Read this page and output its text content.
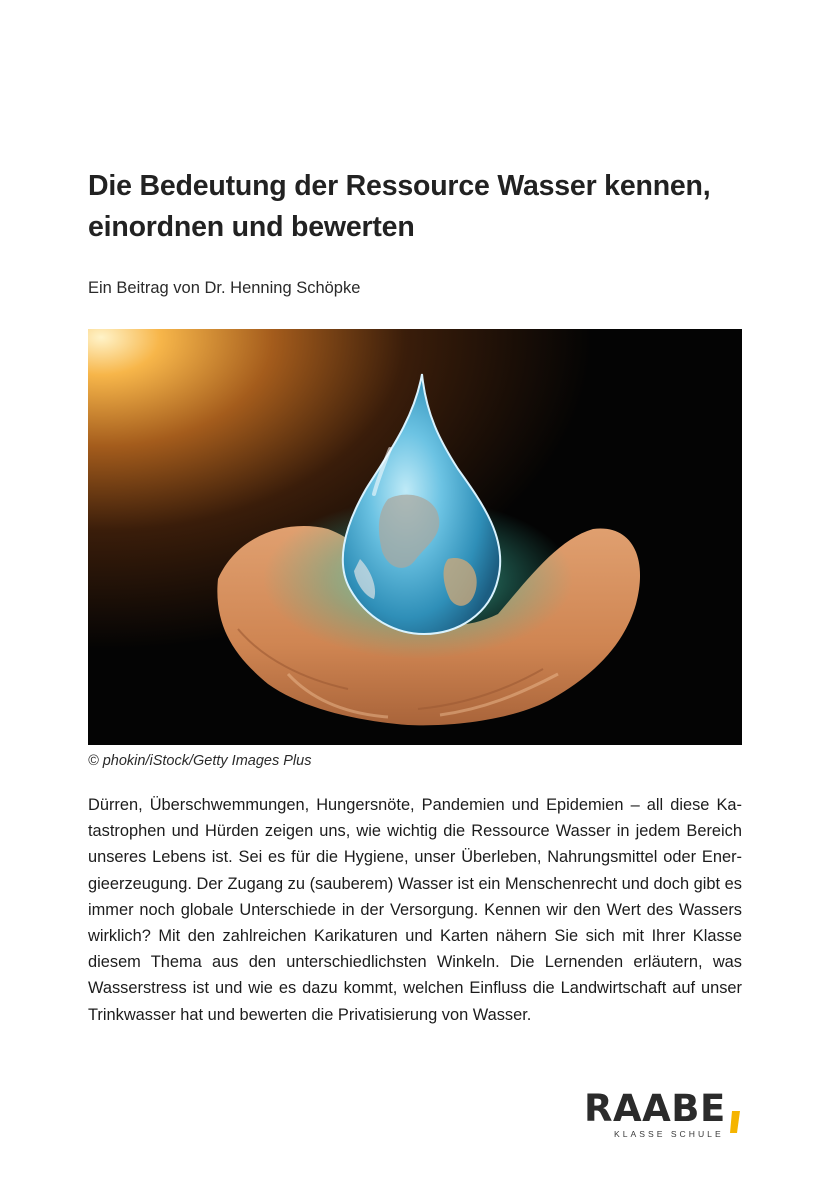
Die Bedeutung der Ressource Wasser kennen, einordnen und bewerten
Ein Beitrag von Dr. Henning Schöpke
© phokin/iStock/Getty Images Plus

Dürren, Überschwemmungen, Hungersnöte, Pandemien und Epidemien – all diese Katastrophen und Hürden zeigen uns, wie wichtig die Ressource Wasser in jedem Bereich unseres Lebens ist. Sei es für die Hygiene, unser Überleben, Nahrungsmittel oder Energieerzeugung. Der Zugang zu (sauberem) Wasser ist ein Menschenrecht und doch gibt es immer noch globale Unterschiede in der Versorgung. Kennen wir den Wert des Wassers wirklich? Mit den zahlreichen Karikaturen und Karten nähern Sie sich mit Ihrer Klasse diesem Thema aus den unterschiedlichsten Winkeln. Die Lernenden erläutern, was Wasserstress ist und wie es dazu kommt, welchen Einfluss die Landwirtschaft auf unser Trinkwasser hat und bewerten die Privatisierung von Wasser.

RAABE
KLASSE SCHULE
